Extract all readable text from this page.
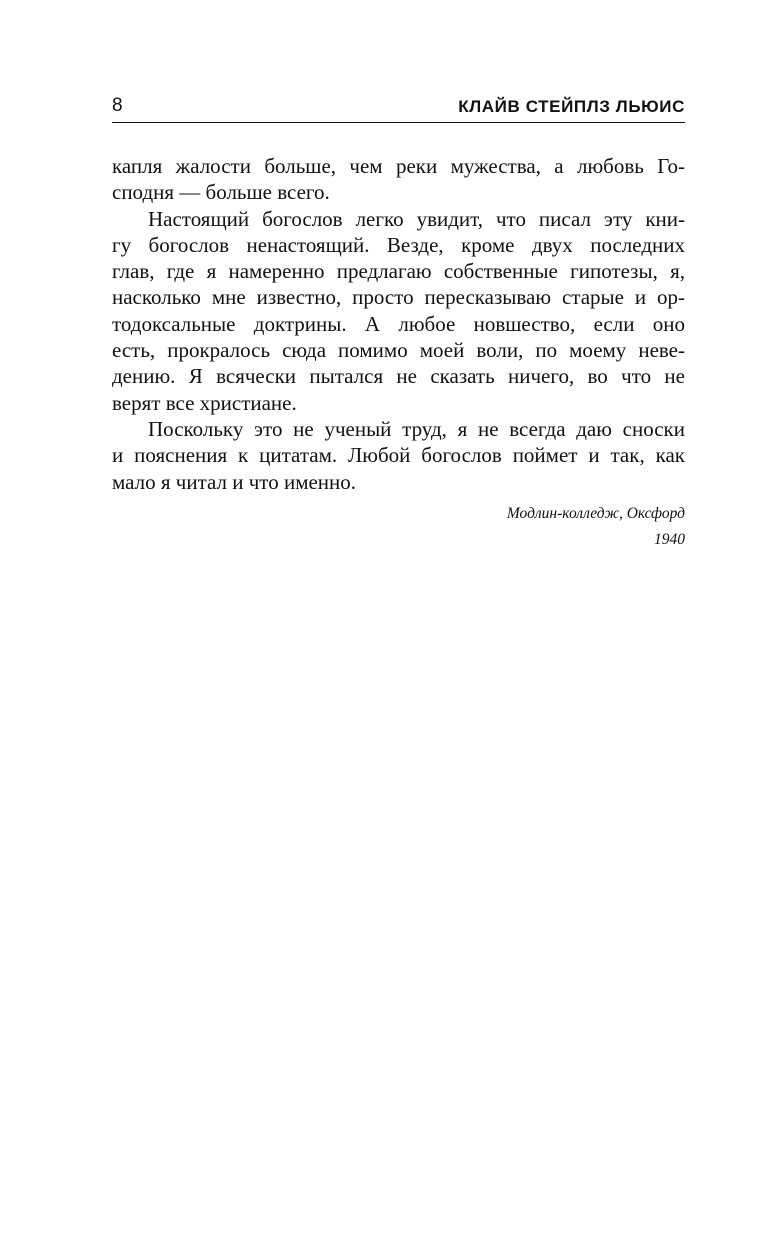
8	КЛАЙВ СТЕЙПЛЗ ЛЬЮИС
капля жалости больше, чем реки мужества, а любовь Го-
сподня — больше всего.
Настоящий богослов легко увидит, что писал эту кни-
гу богослов ненастоящий. Везде, кроме двух последних
глав, где я намеренно предлагаю собственные гипотезы, я,
насколько мне известно, просто пересказываю старые и ор-
тодоксальные доктрины. А любое новшество, если оно
есть, прокралось сюда помимо моей воли, по моему неве-
дению. Я всячески пытался не сказать ничего, во что не
верят все христиане.
Поскольку это не ученый труд, я не всегда даю сноски
и пояснения к цитатам. Любой богослов поймет и так, как
мало я читал и что именно.
Модлин-колледж, Оксфорд
1940
